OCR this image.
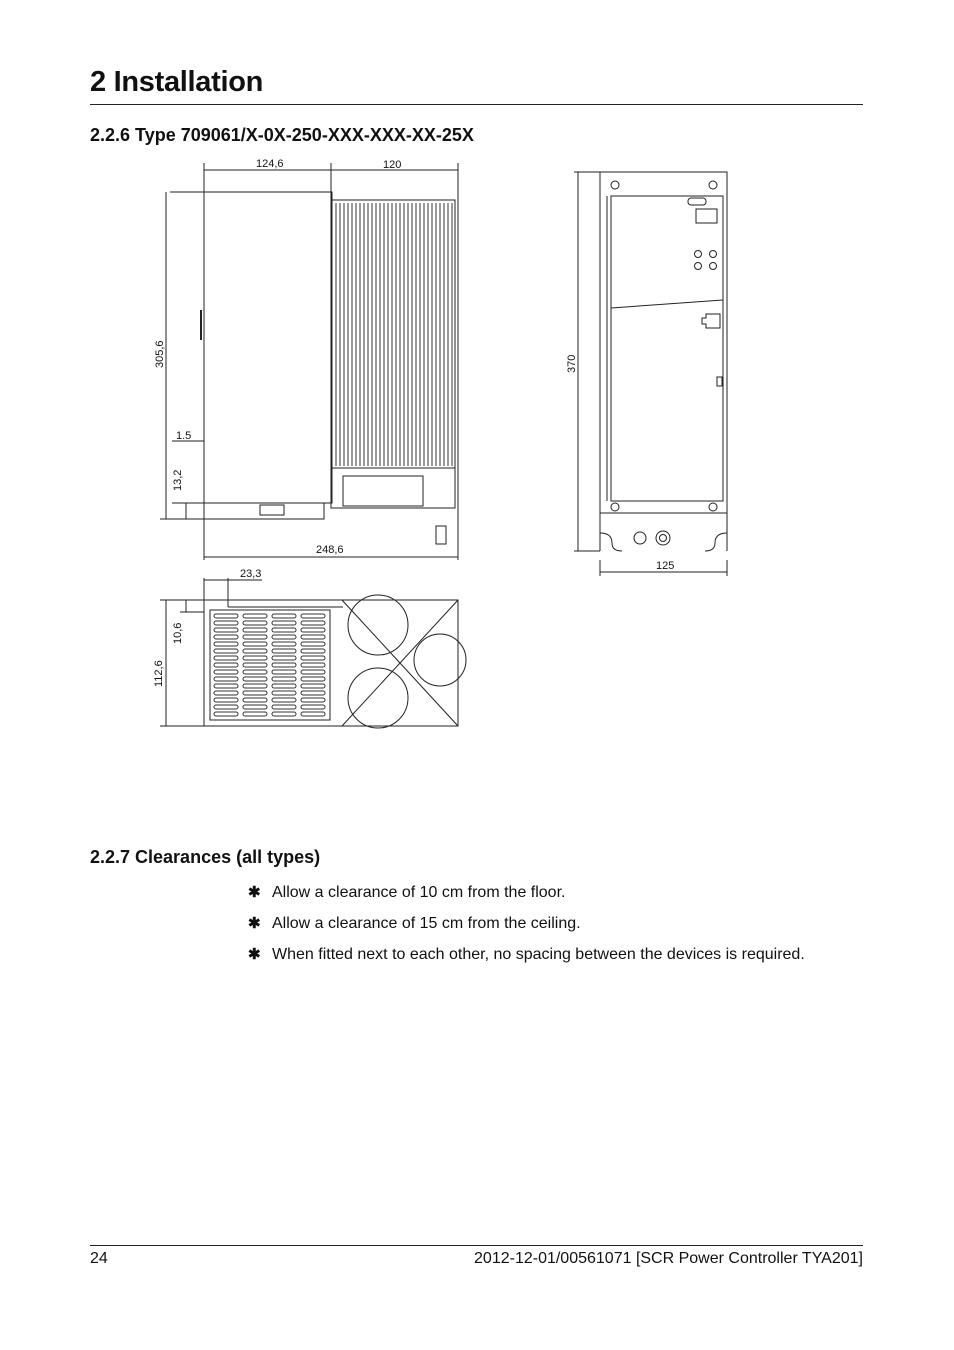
2 Installation
2.2.6 Type 709061/X-0X-250-XXX-XXX-XX-25X
124,6	120
305,6
1.5
13,2
248,6
370
125
23,3
10,6
112,6
2.2.7 Clearances (all types)
✱ Allow a clearance of 10 cm from the floor.
✱ Allow a clearance of 15 cm from the ceiling.
✱ When fitted next to each other, no spacing between the devices is required.
24	2012-12-01/00561071 [SCR Power Controller TYA201]
